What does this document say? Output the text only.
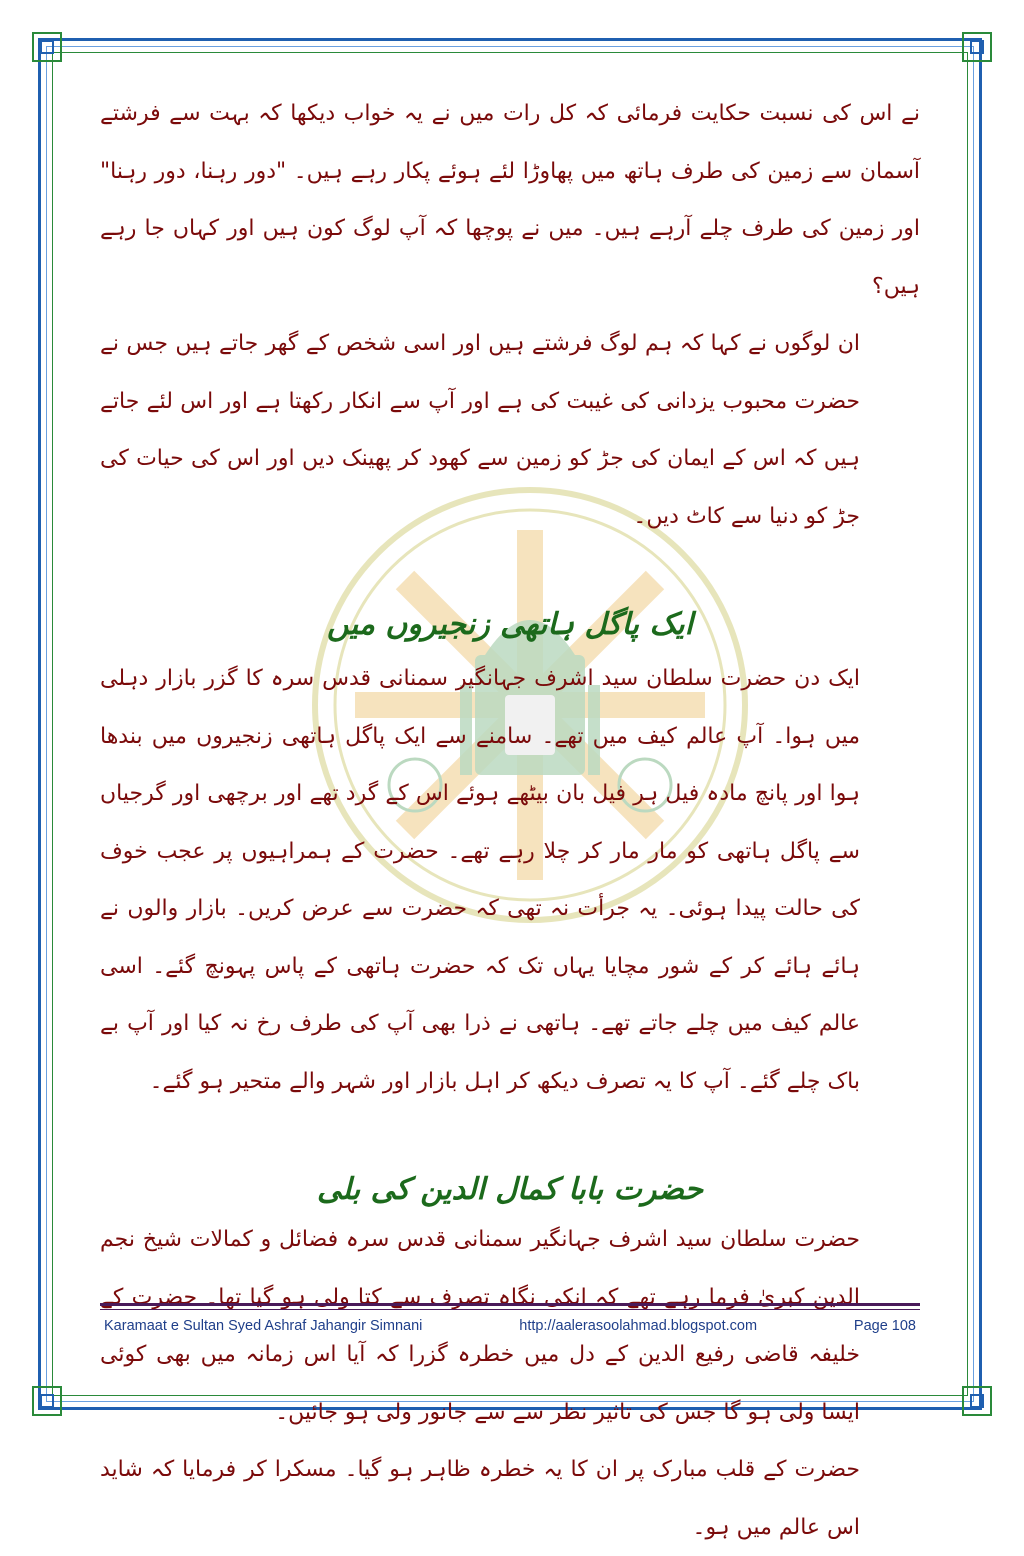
نے اس کی نسبت حکایت فرمائی کہ کل رات میں نے یہ خواب دیکھا کہ بہت سے فرشتے آسمان سے زمین کی طرف ہاتھ میں پھاوڑا لئے ہوئے پکار رہے ہیں۔ "دور رہنا، دور رہنا" اور زمین کی طرف چلے آرہے ہیں۔ میں نے پوچھا کہ آپ لوگ کون ہیں اور کہاں جا رہے ہیں؟

ان لوگوں نے کہا کہ ہم لوگ فرشتے ہیں اور اسی شخص کے گھر جاتے ہیں جس نے حضرت محبوب یزدانی کی غیبت کی ہے اور آپ سے انکار رکھتا ہے اور اس لئے جاتے ہیں کہ اس کے ایمان کی جڑ کو زمین سے کھود کر پھینک دیں اور اس کی حیات کی جڑ کو دنیا سے کاٹ دیں۔

ایک پاگل ہاتھی زنجیروں میں

ایک دن حضرت سلطان سید اشرف جہانگیر سمنانی قدس سرہ کا گزر بازار دہلی میں ہوا۔ آپ عالم کیف میں تھے۔ سامنے سے ایک پاگل ہاتھی زنجیروں میں بندھا ہوا اور پانچ مادہ فیل ہر فیل بان بیٹھے ہوئے اس کے گرد تھے اور برچھی اور گرجیاں سے پاگل ہاتھی کو مار مار کر چلا رہے تھے۔ حضرت کے ہمراہیوں پر عجب خوف کی حالت پیدا ہوئی۔ یہ جرأت نہ تھی کہ حضرت سے عرض کریں۔ بازار والوں نے ہائے ہائے کر کے شور مچایا یہاں تک کہ حضرت ہاتھی کے پاس پہونچ گئے۔ اسی عالم کیف میں چلے جاتے تھے۔ ہاتھی نے ذرا بھی آپ کی طرف رخ نہ کیا اور آپ بے باک چلے گئے۔ آپ کا یہ تصرف دیکھ کر اہل بازار اور شہر والے متحیر ہو گئے۔

حضرت بابا کمال الدین کی بلی

حضرت سلطان سید اشرف جہانگیر سمنانی قدس سرہ فضائل و کمالات شیخ نجم الدین کبریٰ فرما رہے تھے کہ انکی نگاہ تصرف سے کتا ولی ہو گیا تھا۔ حضرت کے خلیفہ قاضی رفیع الدین کے دل میں خطرہ گزرا کہ آیا اس زمانہ میں بھی کوئی ایسا ولی ہو گا جس کی تاثیر نظر سے سے جانور ولی ہو جائیں۔

حضرت کے قلب مبارک پر ان کا یہ خطرہ ظاہر ہو گیا۔ مسکرا کر فرمایا کہ شاید اس عالم میں ہو۔

Karamaat e Sultan Syed Ashraf Jahangir Simnani	http://aalerasoolahmad.blogspot.com	Page 108
